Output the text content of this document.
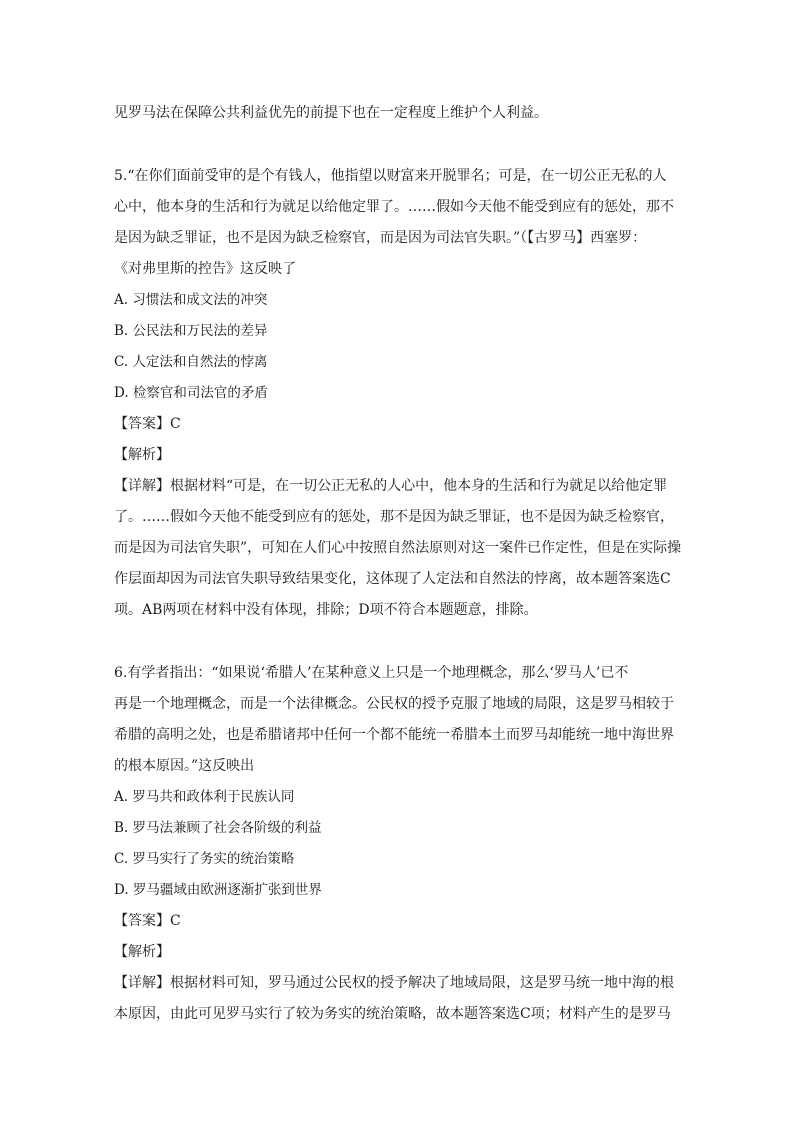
见罗马法在保障公共利益优先的前提下也在一定程度上维护个人利益。
5.“在你们面前受审的是个有钱人，他指望以财富来开脱罪名；可是，在一切公正无私的人
心中，他本身的生活和行为就足以给他定罪了。……假如今天他不能受到应有的惩处，那不
是因为缺乏罪证，也不是因为缺乏检察官，而是因为司法官失职。”（【古罗马】西塞罗：
《对弗里斯的控告》这反映了
A. 习惯法和成文法的冲突
B. 公民法和万民法的差异
C. 人定法和自然法的悖离
D. 检察官和司法官的矛盾
【答案】C
【解析】
【详解】根据材料“可是，在一切公正无私的人心中，他本身的生活和行为就足以给他定罪
了。……假如今天他不能受到应有的惩处，那不是因为缺乏罪证，也不是因为缺乏检察官，
而是因为司法官失职”，可知在人们心中按照自然法原则对这一案件已作定性，但是在实际操
作层面却因为司法官失职导致结果变化，这体现了人定法和自然法的悖离，故本题答案选C
项。AB两项在材料中没有体现，排除；D项不符合本题题意，排除。
6.有学者指出：“如果说‘希腊人’在某种意义上只是一个地理概念，那么‘罗马人’已不
再是一个地理概念，而是一个法律概念。公民权的授予克服了地域的局限，这是罗马相较于
希腊的高明之处，也是希腊诸邦中任何一个都不能统一希腊本土而罗马却能统一地中海世界
的根本原因。”这反映出
A. 罗马共和政体利于民族认同
B. 罗马法兼顾了社会各阶级的利益
C. 罗马实行了务实的统治策略
D. 罗马疆域由欧洲逐渐扩张到世界
【答案】C
【解析】
【详解】根据材料可知，罗马通过公民权的授予解决了地域局限，这是罗马统一地中海的根
本原因，由此可见罗马实行了较为务实的统治策略，故本题答案选C项；材料产生的是罗马
